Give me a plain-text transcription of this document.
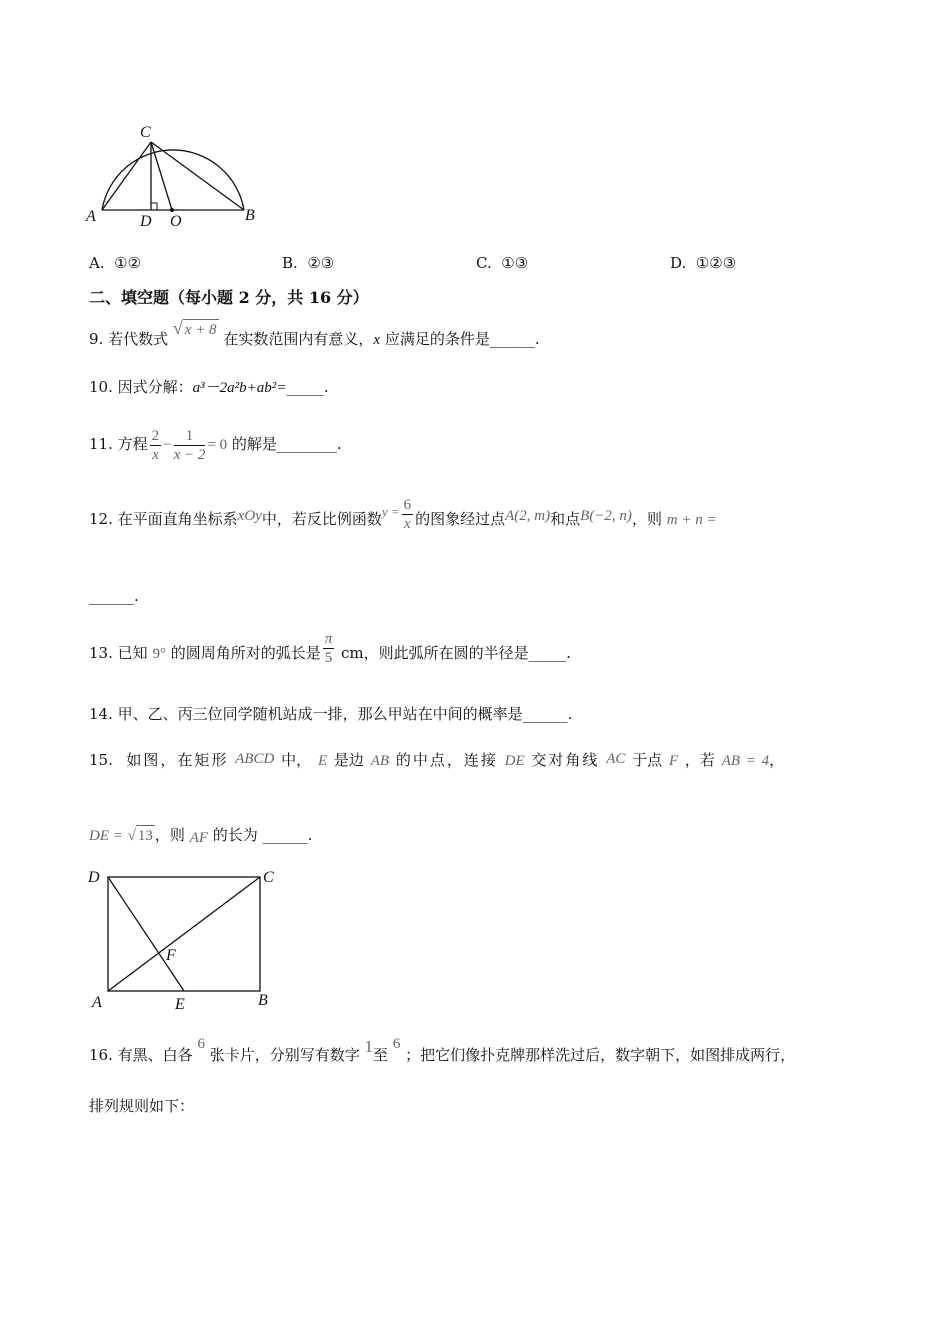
C
A	D O	B
A. ①②	B. ②③	C. ①③	D. ①②③
二、填空题（每小题 2 分，共 16 分）
9. 若代数式 √ x + 8 在实数范围内有意义，x 应满足的条件是______.
10. 因式分解：a³－2a²b+ab²=_____.
11. 方程 $\frac{2}{x} - \frac{1}{x - 2} = 0$ 的解是________.
12. 在平面直角坐标系xOy中，若反比例函数$y = \frac{6}{x}$ 的图象经过点A(2, m)和点B(−2, n)，则 m + n =
______.
13. 已知 9° 的圆周角所对的弧长是 $\frac{\pi}{5}$ cm，则此弧所在圆的半径是_____.
14. 甲、乙、丙三位同学随机站成一排，那么甲站在中间的概率是______.
15. 如图，在矩形 ABCD 中， E 是边 AB 的中点，连接 DE 交对角线 AC 于点 F ，若 AB = 4，
DE = √ 13 ，则 AF 的长为 ______.
D	C
F
A	E	B
16. 有黑、白各 6 张卡片，分别写有数字 1至 6 ；把它们像扑克牌那样洗过后，数字朝下，如图排成两行，
排列规则如下：
